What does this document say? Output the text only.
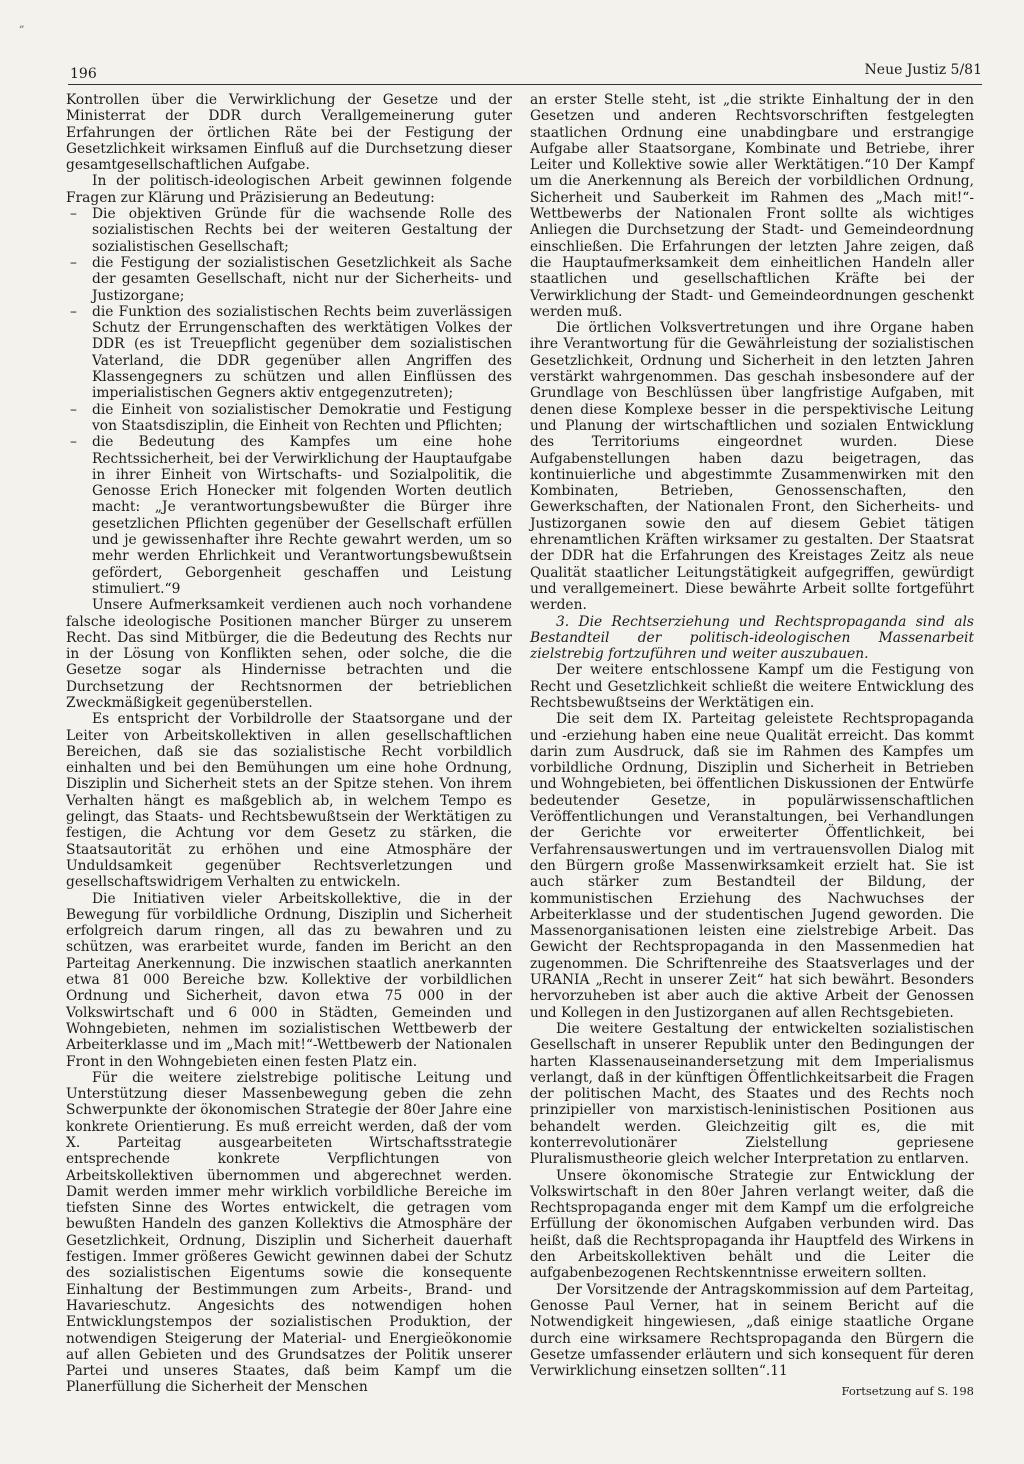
„
196	Neue Justiz 5/81

Kontrollen über die Verwirklichung der Gesetze und der Ministerrat der DDR durch Verallgemeinerung guter Erfahrungen der örtlichen Räte bei der Festigung der Gesetzlichkeit wirksamen Einfluß auf die Durchsetzung dieser gesamtgesellschaftlichen Aufgabe.

In der politisch-ideologischen Arbeit gewinnen folgende Fragen zur Klärung und Präzisierung an Bedeutung:

– Die objektiven Gründe für die wachsende Rolle des sozialistischen Rechts bei der weiteren Gestaltung der sozialistischen Gesellschaft;
– die Festigung der sozialistischen Gesetzlichkeit als Sache der gesamten Gesellschaft, nicht nur der Sicherheits- und Justizorgane;
– die Funktion des sozialistischen Rechts beim zuverlässigen Schutz der Errungenschaften des werktätigen Volkes der DDR (es ist Treuepflicht gegenüber dem sozialistischen Vaterland, die DDR gegenüber allen Angriffen des Klassengegners zu schützen und allen Einflüssen des imperialistischen Gegners aktiv entgegenzutreten);
– die Einheit von sozialistischer Demokratie und Festigung von Staatsdisziplin, die Einheit von Rechten und Pflichten;
– die Bedeutung des Kampfes um eine hohe Rechtssicherheit, bei der Verwirklichung der Hauptaufgabe in ihrer Einheit von Wirtschafts- und Sozialpolitik, die Genosse Erich Honecker mit folgenden Worten deutlich macht: „Je verantwortungsbewußter die Bürger ihre gesetzlichen Pflichten gegenüber der Gesellschaft erfüllen und je gewissenhafter ihre Rechte gewahrt werden, um so mehr werden Ehrlichkeit und Verantwortungsbewußtsein gefördert, Geborgenheit geschaffen und Leistung stimuliert.“9

Unsere Aufmerksamkeit verdienen auch noch vorhandene falsche ideologische Positionen mancher Bürger zu unserem Recht. Das sind Mitbürger, die die Bedeutung des Rechts nur in der Lösung von Konflikten sehen, oder solche, die die Gesetze sogar als Hindernisse betrachten und die Durchsetzung der Rechtsnormen der betrieblichen Zweckmäßigkeit gegenüberstellen.

Es entspricht der Vorbildrolle der Staatsorgane und der Leiter von Arbeitskollektiven in allen gesellschaftlichen Bereichen, daß sie das sozialistische Recht vorbildlich einhalten und bei den Bemühungen um eine hohe Ordnung, Disziplin und Sicherheit stets an der Spitze stehen. Von ihrem Verhalten hängt es maßgeblich ab, in welchem Tempo es gelingt, das Staats- und Rechtsbewußtsein der Werktätigen zu festigen, die Achtung vor dem Gesetz zu stärken, die Staatsautorität zu erhöhen und eine Atmosphäre der Unduldsamkeit gegenüber Rechtsverletzungen und gesellschaftswidrigem Verhalten zu entwickeln.

Die Initiativen vieler Arbeitskollektive, die in der Bewegung für vorbildliche Ordnung, Disziplin und Sicherheit erfolgreich darum ringen, all das zu bewahren und zu schützen, was erarbeitet wurde, fanden im Bericht an den Parteitag Anerkennung. Die inzwischen staatlich anerkannten etwa 81 000 Bereiche bzw. Kollektive der vorbildlichen Ordnung und Sicherheit, davon etwa 75 000 in der Volkswirtschaft und 6 000 in Städten, Gemeinden und Wohngebieten, nehmen im sozialistischen Wettbewerb der Arbeiterklasse und im „Mach mit!“-Wettbewerb der Nationalen Front in den Wohngebieten einen festen Platz ein.

Für die weitere zielstrebige politische Leitung und Unterstützung dieser Massenbewegung geben die zehn Schwerpunkte der ökonomischen Strategie der 80er Jahre eine konkrete Orientierung. Es muß erreicht werden, daß der vom X. Parteitag ausgearbeiteten Wirtschaftsstrategie entsprechende konkrete Verpflichtungen von Arbeitskollektiven übernommen und abgerechnet werden. Damit werden immer mehr wirklich vorbildliche Bereiche im tiefsten Sinne des Wortes entwickelt, die getragen vom bewußten Handeln des ganzen Kollektivs die Atmosphäre der Gesetzlichkeit, Ordnung, Disziplin und Sicherheit dauerhaft festigen. Immer größeres Gewicht gewinnen dabei der Schutz des sozialistischen Eigentums sowie die konsequente Einhaltung der Bestimmungen zum Arbeits-, Brand- und Havarieschutz. Angesichts des notwendigen hohen Entwicklungstempos der sozialistischen Produktion, der notwendigen Steigerung der Material- und Energieökonomie auf allen Gebieten und des Grundsatzes der Politik unserer Partei und unseres Staates, daß beim Kampf um die Planerfüllung die Sicherheit der Menschen

an erster Stelle steht, ist „die strikte Einhaltung der in den Gesetzen und anderen Rechtsvorschriften festgelegten staatlichen Ordnung eine unabdingbare und erstrangige Aufgabe aller Staatsorgane, Kombinate und Betriebe, ihrer Leiter und Kollektive sowie aller Werktätigen.“10 Der Kampf um die Anerkennung als Bereich der vorbildlichen Ordnung, Sicherheit und Sauberkeit im Rahmen des „Mach mit!“-Wettbewerbs der Nationalen Front sollte als wichtiges Anliegen die Durchsetzung der Stadt- und Gemeindeordnung einschließen. Die Erfahrungen der letzten Jahre zeigen, daß die Hauptaufmerksamkeit dem einheitlichen Handeln aller staatlichen und gesellschaftlichen Kräfte bei der Verwirklichung der Stadt- und Gemeindeordnungen geschenkt werden muß.

Die örtlichen Volksvertretungen und ihre Organe haben ihre Verantwortung für die Gewährleistung der sozialistischen Gesetzlichkeit, Ordnung und Sicherheit in den letzten Jahren verstärkt wahrgenommen. Das geschah insbesondere auf der Grundlage von Beschlüssen über langfristige Aufgaben, mit denen diese Komplexe besser in die perspektivische Leitung und Planung der wirtschaftlichen und sozialen Entwicklung des Territoriums eingeordnet wurden. Diese Aufgabenstellungen haben dazu beigetragen, das kontinuierliche und abgestimmte Zusammenwirken mit den Kombinaten, Betrieben, Genossenschaften, den Gewerkschaften, der Nationalen Front, den Sicherheits- und Justizorganen sowie den auf diesem Gebiet tätigen ehrenamtlichen Kräften wirksamer zu gestalten. Der Staatsrat der DDR hat die Erfahrungen des Kreistages Zeitz als neue Qualität staatlicher Leitungstätigkeit aufgegriffen, gewürdigt und verallgemeinert. Diese bewährte Arbeit sollte fortgeführt werden.

3. Die Rechtserziehung und Rechtspropaganda sind als Bestandteil der politisch-ideologischen Massenarbeit zielstrebig fortzuführen und weiter auszubauen.

Der weitere entschlossene Kampf um die Festigung von Recht und Gesetzlichkeit schließt die weitere Entwicklung des Rechtsbewußtseins der Werktätigen ein.

Die seit dem IX. Parteitag geleistete Rechtspropaganda und -erziehung haben eine neue Qualität erreicht. Das kommt darin zum Ausdruck, daß sie im Rahmen des Kampfes um vorbildliche Ordnung, Disziplin und Sicherheit in Betrieben und Wohngebieten, bei öffentlichen Diskussionen der Entwürfe bedeutender Gesetze, in populärwissenschaftlichen Veröffentlichungen und Veranstaltungen, bei Verhandlungen der Gerichte vor erweiterter Öffentlichkeit, bei Verfahrensauswertungen und im vertrauensvollen Dialog mit den Bürgern große Massenwirksamkeit erzielt hat. Sie ist auch stärker zum Bestandteil der Bildung, der kommunistischen Erziehung des Nachwuchses der Arbeiterklasse und der studentischen Jugend geworden. Die Massenorganisationen leisten eine zielstrebige Arbeit. Das Gewicht der Rechtspropaganda in den Massenmedien hat zugenommen. Die Schriftenreihe des Staatsverlages und der URANIA „Recht in unserer Zeit“ hat sich bewährt. Besonders hervorzuheben ist aber auch die aktive Arbeit der Genossen und Kollegen in den Justizorganen auf allen Rechtsgebieten.

Die weitere Gestaltung der entwickelten sozialistischen Gesellschaft in unserer Republik unter den Bedingungen der harten Klassenauseinandersetzung mit dem Imperialismus verlangt, daß in der künftigen Öffentlichkeitsarbeit die Fragen der politischen Macht, des Staates und des Rechts noch prinzipieller von marxistisch-leninistischen Positionen aus behandelt werden. Gleichzeitig gilt es, die mit konterrevolutionärer Zielstellung gepriesene Pluralismustheorie gleich welcher Interpretation zu entlarven.

Unsere ökonomische Strategie zur Entwicklung der Volkswirtschaft in den 80er Jahren verlangt weiter, daß die Rechtspropaganda enger mit dem Kampf um die erfolgreiche Erfüllung der ökonomischen Aufgaben verbunden wird. Das heißt, daß die Rechtspropaganda ihr Hauptfeld des Wirkens in den Arbeitskollektiven behält und die Leiter die aufgabenbezogenen Rechtskenntnisse erweitern sollten.

Der Vorsitzende der Antragskommission auf dem Parteitag, Genosse Paul Verner, hat in seinem Bericht auf die Notwendigkeit hingewiesen, „daß einige staatliche Organe durch eine wirksamere Rechtspropaganda den Bürgern die Gesetze umfassender erläutern und sich konsequent für deren Verwirklichung einsetzen sollten“.11

Fortsetzung auf S. 198
